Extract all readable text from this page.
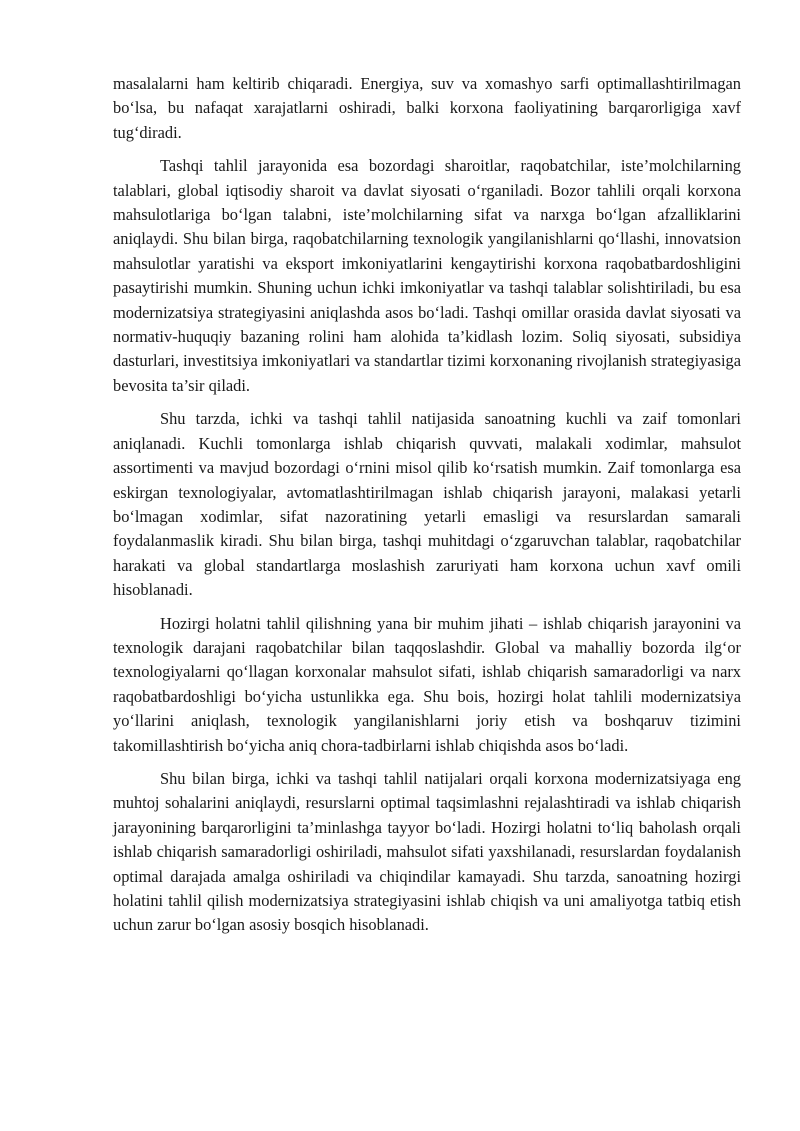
masalalarni ham keltirib chiqaradi. Energiya, suv va xomashyo sarfi optimallashtirilmagan bo‘lsa, bu nafaqat xarajatlarni oshiradi, balki korxona faoliyatining barqarorligiga xavf tug‘diradi.

Tashqi tahlil jarayonida esa bozordagi sharoitlar, raqobatchilar, iste’molchilarning talablari, global iqtisodiy sharoit va davlat siyosati o‘rganiladi. Bozor tahlili orqali korxona mahsulotlariga bo‘lgan talabni, iste’molchilarning sifat va narxga bo‘lgan afzalliklarini aniqlaydi. Shu bilan birga, raqobatchilarning texnologik yangilanishlarni qo‘llashi, innovatsion mahsulotlar yaratishi va eksport imkoniyatlarini kengaytirishi korxona raqobatbardoshligini pasaytirishi mumkin. Shuning uchun ichki imkoniyatlar va tashqi talablar solishtiriladi, bu esa modernizatsiya strategiyasini aniqlashda asos bo‘ladi. Tashqi omillar orasida davlat siyosati va normativ-huquqiy bazaning rolini ham alohida ta’kidlash lozim. Soliq siyosati, subsidiya dasturlari, investitsiya imkoniyatlari va standartlar tizimi korxonaning rivojlanish strategiyasiga bevosita ta’sir qiladi.

Shu tarzda, ichki va tashqi tahlil natijasida sanoatning kuchli va zaif tomonlari aniqlanadi. Kuchli tomonlarga ishlab chiqarish quvvati, malakali xodimlar, mahsulot assortimenti va mavjud bozordagi o‘rnini misol qilib ko‘rsatish mumkin. Zaif tomonlarga esa eskirgan texnologiyalar, avtomatlashtirilmagan ishlab chiqarish jarayoni, malakasi yetarli bo‘lmagan xodimlar, sifat nazoratining yetarli emasligi va resurslardan samarali foydalanmaslik kiradi. Shu bilan birga, tashqi muhitdagi o‘zgaruvchan talablar, raqobatchilar harakati va global standartlarga moslashish zaruriyati ham korxona uchun xavf omili hisoblanadi.

Hozirgi holatni tahlil qilishning yana bir muhim jihati – ishlab chiqarish jarayonini va texnologik darajani raqobatchilar bilan taqqoslashdir. Global va mahalliy bozorda ilg‘or texnologiyalarni qo‘llagan korxonalar mahsulot sifati, ishlab chiqarish samaradorligi va narx raqobatbardoshligi bo‘yicha ustunlikka ega. Shu bois, hozirgi holat tahlili modernizatsiya yo‘llarini aniqlash, texnologik yangilanishlarni joriy etish va boshqaruv tizimini takomillashtirish bo‘yicha aniq chora-tadbirlarni ishlab chiqishda asos bo‘ladi.

Shu bilan birga, ichki va tashqi tahlil natijalari orqali korxona modernizatsiyaga eng muhtoj sohalarini aniqlaydi, resurslarni optimal taqsimlashni rejalashtiradi va ishlab chiqarish jarayonining barqarorligini ta’minlashga tayyor bo‘ladi. Hozirgi holatni to‘liq baholash orqali ishlab chiqarish samaradorligi oshiriladi, mahsulot sifati yaxshilanadi, resurslardan foydalanish optimal darajada amalga oshiriladi va chiqindilar kamayadi. Shu tarzda, sanoatning hozirgi holatini tahlil qilish modernizatsiya strategiyasini ishlab chiqish va uni amaliyotga tatbiq etish uchun zarur bo‘lgan asosiy bosqich hisoblanadi.
